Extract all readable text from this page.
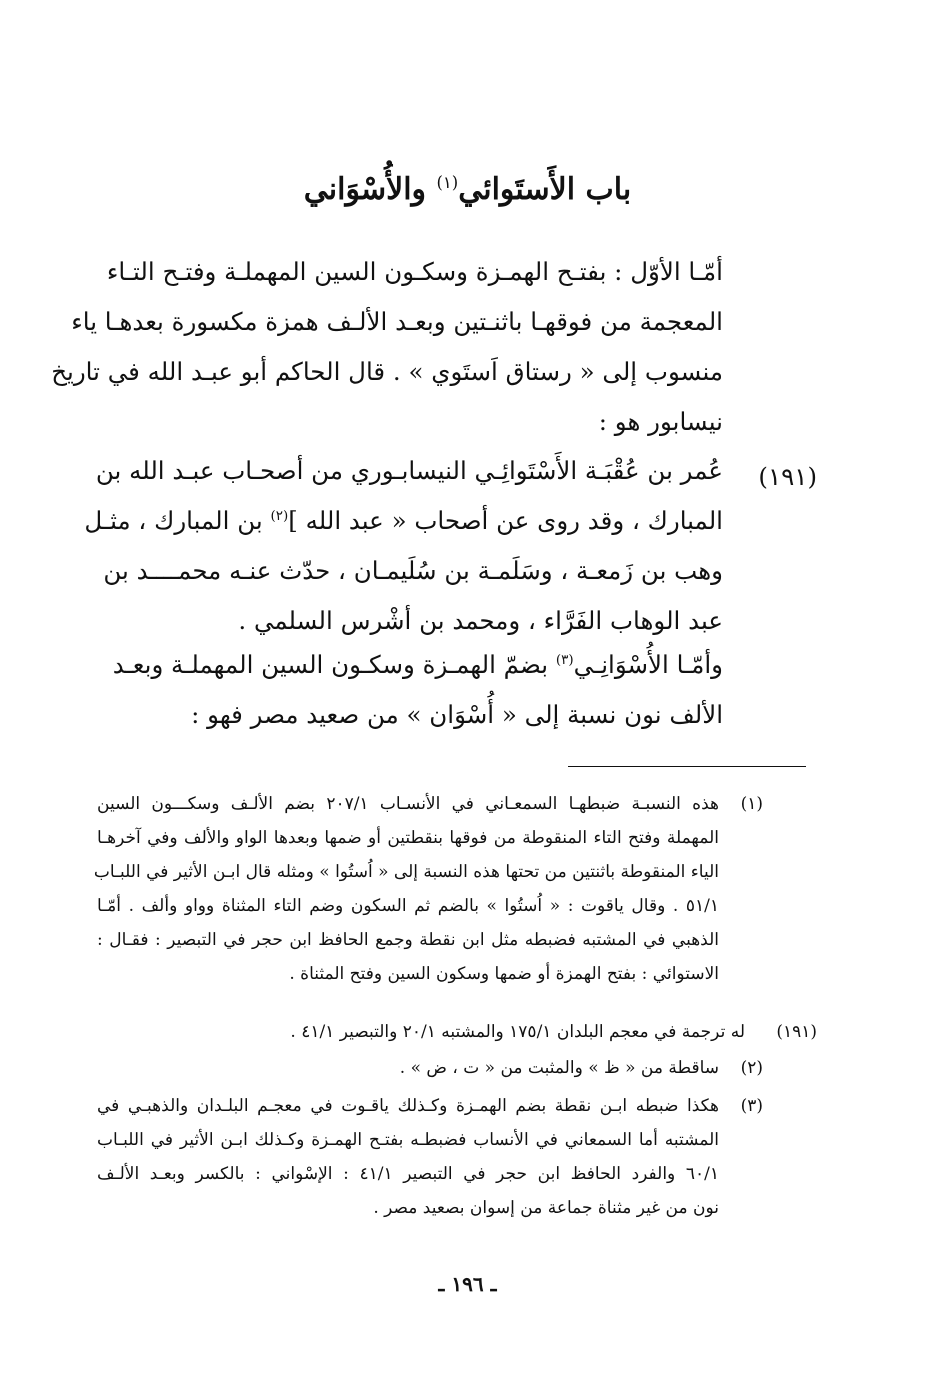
باب الأَستَوائي$^{(١)}$ والأُسْوَاني
أمّـا الأوّل : بفتـح الهمـزة وسكـون السين المهملـة وفتـح التـاء
المعجمة من فوقهـا باثنـتين وبعـد الألـف همزة مكسورة بعدهـا ياء
منسوب إلى « رستاق اَستَوي » . قال الحاكم أبو عبـد الله في تاريخ
نيسابور هو :
(١٩١)
عُمر بن عُقْبَـة الأَسْتَوائِـي النيسابـوري من أصحـاب عبـد الله بن
المبارك ، وقد روى عن أصحاب « عبد الله ]$^{(٢)}$ بن المبارك ، مثـل
وهب بن زَمعـة ، وسَلَمـة بن سُلَيمـان ، حدّث عنـه محمــــد بن
عبد الوهاب الفَرَّاء ، ومحمد بن أشْرس السلمي .
وأمّـا الأُسْوَانِـي$^{(٣)}$ بضمّ الهمـزة وسكـون السين المهملـة وبعـد
الألف نون نسبة إلى « أُسْوَان » من صعيد مصر فهو :
(١)
هذه النسبـة ضبطهـا السمعـاني في الأنسـاب ٢٠٧/١ بضم الألـف وسكـــون السين
المهملة وفتح التاء المنقوطة من فوقها بنقطتين أو ضمها وبعدها الواو والألف وفي آخرهـا
الياء المنقوطة باثنتين من تحتها هذه النسبة إلى « اُستُوا » ومثله قال ابـن الأثير في اللبـاب
٥١/١ . وقال ياقوت : « اُستُوا » بالضم ثم السكون وضم التاء المثناة وواو وألف . أمّـا
الذهبي في المشتبه فضبطه مثل ابن نقطة وجمع الحافظ ابن حجر في التبصير : فقـال :
الاستوائي : بفتح الهمزة أو ضمها وسكون السين وفتح المثناة .
(١٩١)
له ترجمة في معجم البلدان ١٧٥/١ والمشتبه ٢٠/١ والتبصير ٤١/١ .
(٢)
ساقطة من « ظ » والمثبت من « ت ، ض » .
(٣)
هكذا ضبطه ابـن نقطة بضم الهمـزة وكـذلك ياقـوت في معجـم البلـدان والذهبـي في
المشتبه أما السمعاني في الأنساب فضبطـه بفتـح الهمـزة وكـذلك ابـن الأثير في اللبـاب
٦٠/١ والفرد الحافظ ابن حجر في التبصير ٤١/١ : الإسْواني : بالكسر وبعـد الألـف
نون من غير مثناة جماعة من إسوان بصعيد مصر .
ـ ١٩٦ ـ
